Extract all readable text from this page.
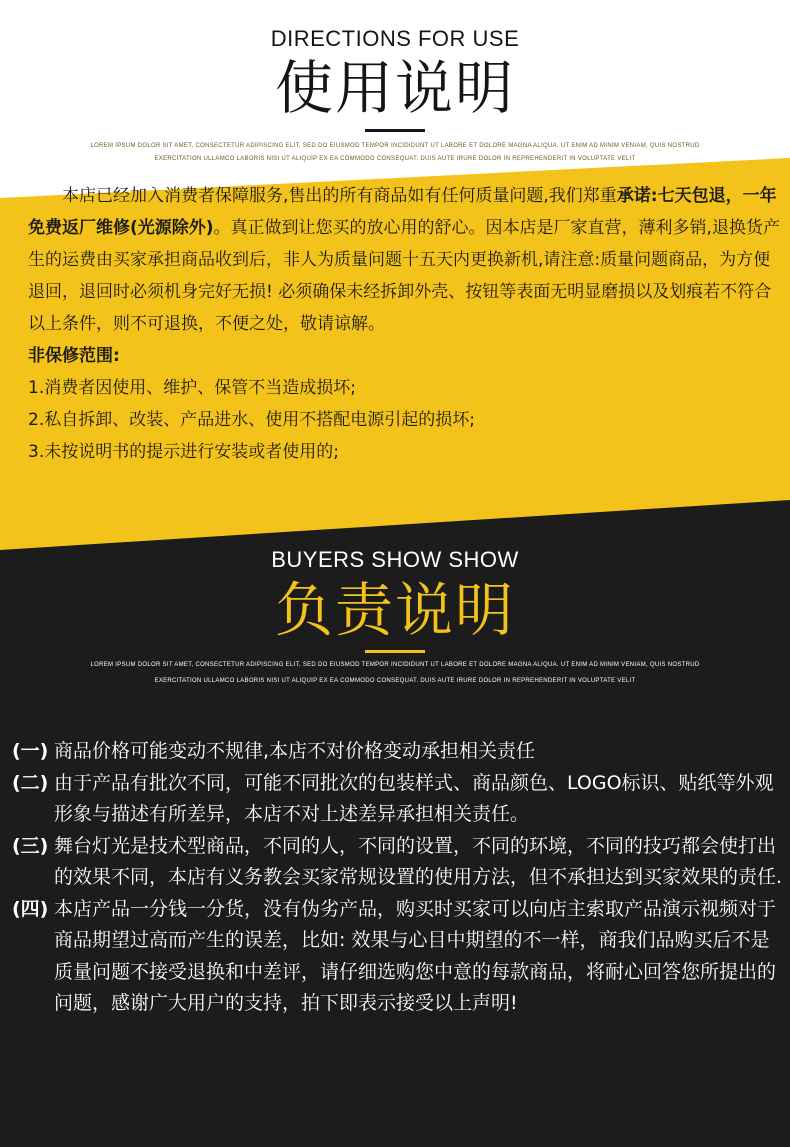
DIRECTIONS FOR USE
使用说明
LOREM IPSUM DOLOR SIT AMET, CONSECTETUR ADIPISCING ELIT, SED DO EIUSMOD TEMPOR INCIDIDUNT UT LABORE ET DOLORE MAGNA ALIQUA. UT ENIM AD MINIM VENIAM, QUIS NOSTRUD
EXERCITATION ULLAMCO LABORIS NISI UT ALIQUIP EX EA COMMODO CONSEQUAT. DUIS AUTE IRURE DOLOR IN REPREHENDERIT IN VOLUPTATE VELIT

本店已经加入消费者保障服务,售出的所有商品如有任何质量问题,我们郑重承诺:七天包退，一年免费返厂维修(光源除外)。真正做到让您买的放心用的舒心。因本店是厂家直营，薄利多销,退换货产生的运费由买家承担商品收到后，非人为质量问题十五天内更换新机,请注意:质量问题商品，为方便退回，退回时必须机身完好无损! 必须确保未经拆卸外壳、按钮等表面无明显磨损以及划痕若不符合以上条件，则不可退换，不便之处，敬请谅解。

非保修范围:

1.消费者因使用、维护、保管不当造成损坏;

2.私自拆卸、改装、产品进水、使用不搭配电源引起的损坏;

3.未按说明书的提示进行安装或者使用的;

BUYERS SHOW SHOW
负责说明
LOREM IPSUM DOLOR SIT AMET, CONSECTETUR ADIPISCING ELIT, SED DO EIUSMOD TEMPOR INCIDIDUNT UT LABORE ET DOLORE MAGNA ALIQUA. UT ENIM AD MINIM VENIAM, QUIS NOSTRUD
EXERCITATION ULLAMCO LABORIS NISI UT ALIQUIP EX EA COMMODO CONSEQUAT. DUIS AUTE IRURE DOLOR IN REPREHENDERIT IN VOLUPTATE VELIT
(一) 商品价格可能变动不规律,本店不对价格变动承担相关责任
(二) 由于产品有批次不同，可能不同批次的包装样式、商品颜色、LOGO标识、贴纸等外观形象与描述有所差异，本店不对上述差异承担相关责任。
(三) 舞台灯光是技术型商品，不同的人，不同的设置，不同的环境，不同的技巧都会使打出的效果不同，本店有义务教会买家常规设置的使用方法，但不承担达到买家效果的责任.
(四) 本店产品一分钱一分货，没有伪劣产品，购买时买家可以向店主索取产品演示视频对于商品期望过高而产生的误差，比如: 效果与心目中期望的不一样，商我们品购买后不是质量问题不接受退换和中差评，请仔细选购您中意的每款商品，将耐心回答您所提出的问题，感谢广大用户的支持，拍下即表示接受以上声明!
